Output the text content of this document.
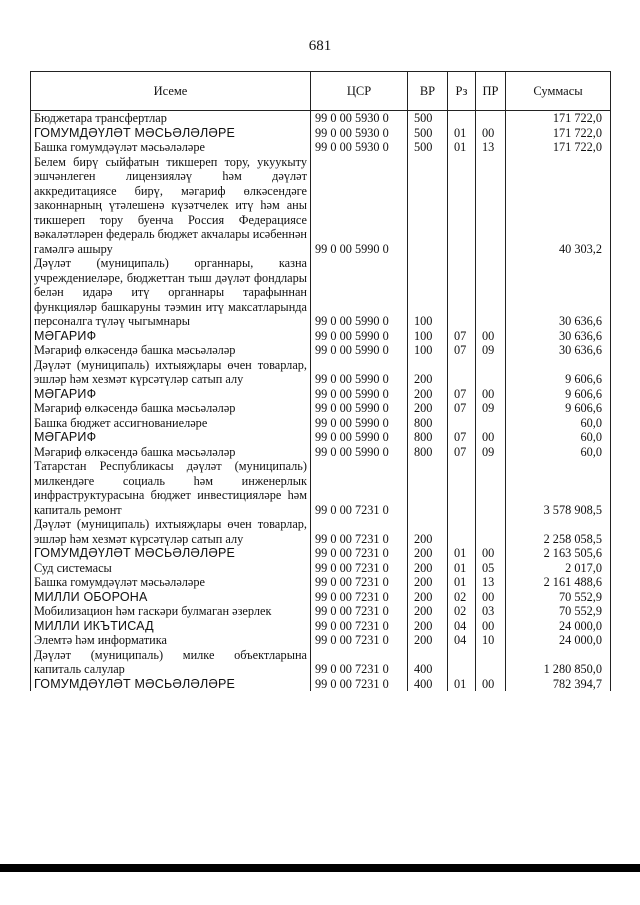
681
Исеме	ЦСР	ВР	Рз	ПР	Суммасы
Бюджетара трансфертлар	99 0 00 5930 0	500			171 722,0
ГОМУМДӘҮЛӘТ МӘСЬӘЛӘЛӘРЕ	99 0 00 5930 0	500	01	00	171 722,0
Башка гомумдәүләт мәсьәләләре	99 0 00 5930 0	500	01	13	171 722,0
Белем бирү сыйфатын тикшереп тору, укуукыту эшчәнлеген лицензияләү һәм дәүләт аккредитациясе бирү, мәгариф өлкәсендәге законнарның үтәлешенә күзәтчелек итү һәм аны тикшереп тору буенча Россия Федерациясе вәкаләтләрен федераль бюджет акчалары исәбеннән гамәлгә ашыру	99 0 00 5990 0				40 303,2
Дәүләт (муниципаль) органнары, казна учреждениеләре, бюджеттан тыш дәүләт фондлары белән идарә итү органнары тарафыннан функцияләр башкаруны тәэмин итү максатларында персоналга түләү чыгымнары	99 0 00 5990 0	100			30 636,6
МӘГАРИФ	99 0 00 5990 0	100	07	00	30 636,6
Мәгариф өлкәсендә башка мәсьәләләр	99 0 00 5990 0	100	07	09	30 636,6
Дәүләт (муниципаль) ихтыяҗлары өчен товарлар, эшләр һәм хезмәт күрсәтүләр сатып алу	99 0 00 5990 0	200			9 606,6
МӘГАРИФ	99 0 00 5990 0	200	07	00	9 606,6
Мәгариф өлкәсендә башка мәсьәләләр	99 0 00 5990 0	200	07	09	9 606,6
Башка бюджет ассигнованиеләре	99 0 00 5990 0	800			60,0
МӘГАРИФ	99 0 00 5990 0	800	07	00	60,0
Мәгариф өлкәсендә башка мәсьәләләр	99 0 00 5990 0	800	07	09	60,0
Татарстан Республикасы дәүләт (муниципаль) милкендәге социаль һәм инженерлык инфраструктурасына бюджет инвестицияләре һәм капиталь ремонт	99 0 00 7231 0				3 578 908,5
Дәүләт (муниципаль) ихтыяҗлары өчен товарлар, эшләр һәм хезмәт күрсәтүләр сатып алу	99 0 00 7231 0	200			2 258 058,5
ГОМУМДӘҮЛӘТ МӘСЬӘЛӘЛӘРЕ	99 0 00 7231 0	200	01	00	2 163 505,6
Суд системасы	99 0 00 7231 0	200	01	05	2 017,0
Башка гомумдәүләт мәсьәләләре	99 0 00 7231 0	200	01	13	2 161 488,6
МИЛЛИ ОБОРОНА	99 0 00 7231 0	200	02	00	70 552,9
Мобилизацион һәм гаскәри булмаган әзерлек	99 0 00 7231 0	200	02	03	70 552,9
МИЛЛИ ИКЪТИСАД	99 0 00 7231 0	200	04	00	24 000,0
Элемтә һәм информатика	99 0 00 7231 0	200	04	10	24 000,0
Дәүләт (муниципаль) милке объектларына капиталь салулар	99 0 00 7231 0	400			1 280 850,0
ГОМУМДӘҮЛӘТ МӘСЬӘЛӘЛӘРЕ	99 0 00 7231 0	400	01	00	782 394,7
